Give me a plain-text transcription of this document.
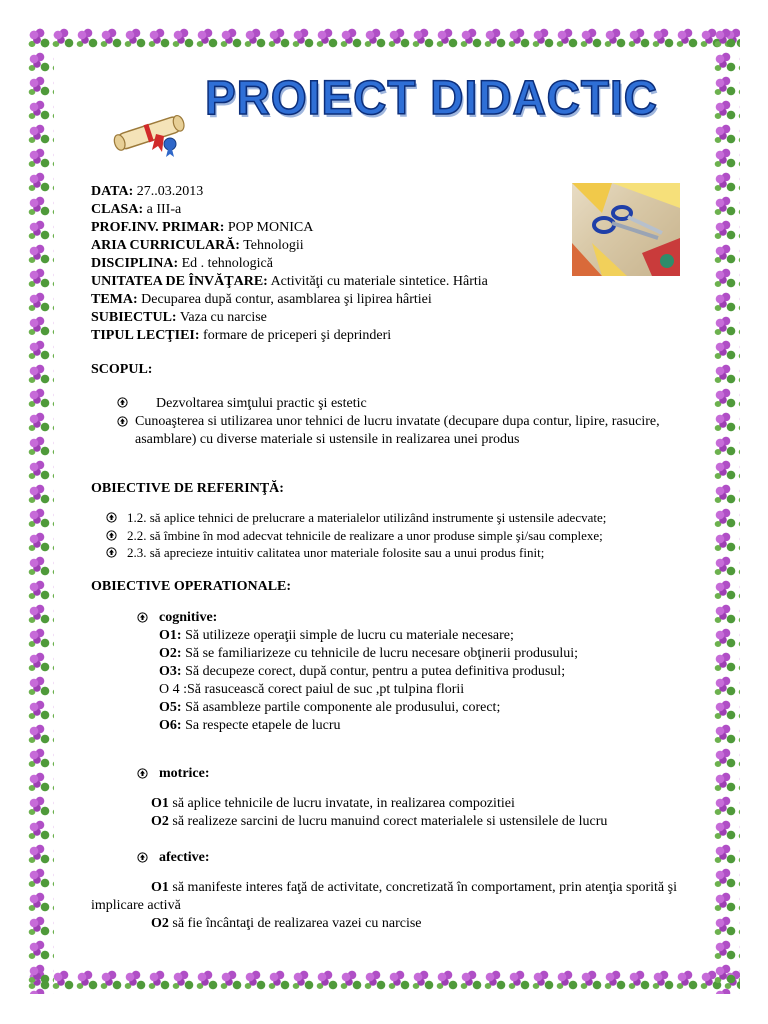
PROIECT DIDACTIC
DATA: 27..03.2013
CLASA: a III-a
PROF.INV. PRIMAR: POP MONICA
ARIA CURRICULARĂ: Tehnologii
DISCIPLINA: Ed . tehnologică
UNITATEA DE ÎNVĂŢARE: Activităţi cu materiale sintetice. Hârtia
TEMA: Decuparea după contur, asamblarea şi lipirea hârtiei
SUBIECTUL: Vaza cu narcise
TIPUL LECŢIEI: formare de priceperi şi deprinderi
SCOPUL:
Dezvoltarea simţului practic şi estetic
Cunoaşterea si utilizarea unor tehnici de lucru invatate (decupare dupa contur, lipire, rasucire,
asamblare) cu diverse materiale si ustensile in realizarea unei produs
OBIECTIVE DE REFERINŢĂ:
1.2. să aplice tehnici de prelucrare a materialelor utilizând instrumente şi ustensile adecvate;
2.2. să îmbine în mod adecvat tehnicile de realizare a unor produse simple şi/sau complexe;
2.3. să aprecieze intuitiv calitatea unor materiale folosite sau a unui produs finit;
OBIECTIVE OPERATIONALE:
cognitive:
O1: Să utilizeze operaţii simple de lucru cu materiale necesare;
O2: Să se familiarizeze cu tehnicile de lucru necesare obţinerii produsului;
O3: Să decupeze corect, după contur, pentru a putea definitiva produsul;
O 4 :Să rasucească corect paiul de suc ,pt tulpina florii
O5: Să asambleze partile componente ale produsului, corect;
O6: Sa respecte etapele de lucru
motrice:
O1 să aplice tehnicile de lucru invatate, in realizarea compozitiei
O2 să realizeze sarcini de lucru manuind corect materialele si ustensilele de lucru
afective:
O1 să manifeste interes faţă de activitate, concretizată în comportament, prin atenţia sporită şi
implicare activă
O2 să fie încântaţi de realizarea vazei cu narcise
